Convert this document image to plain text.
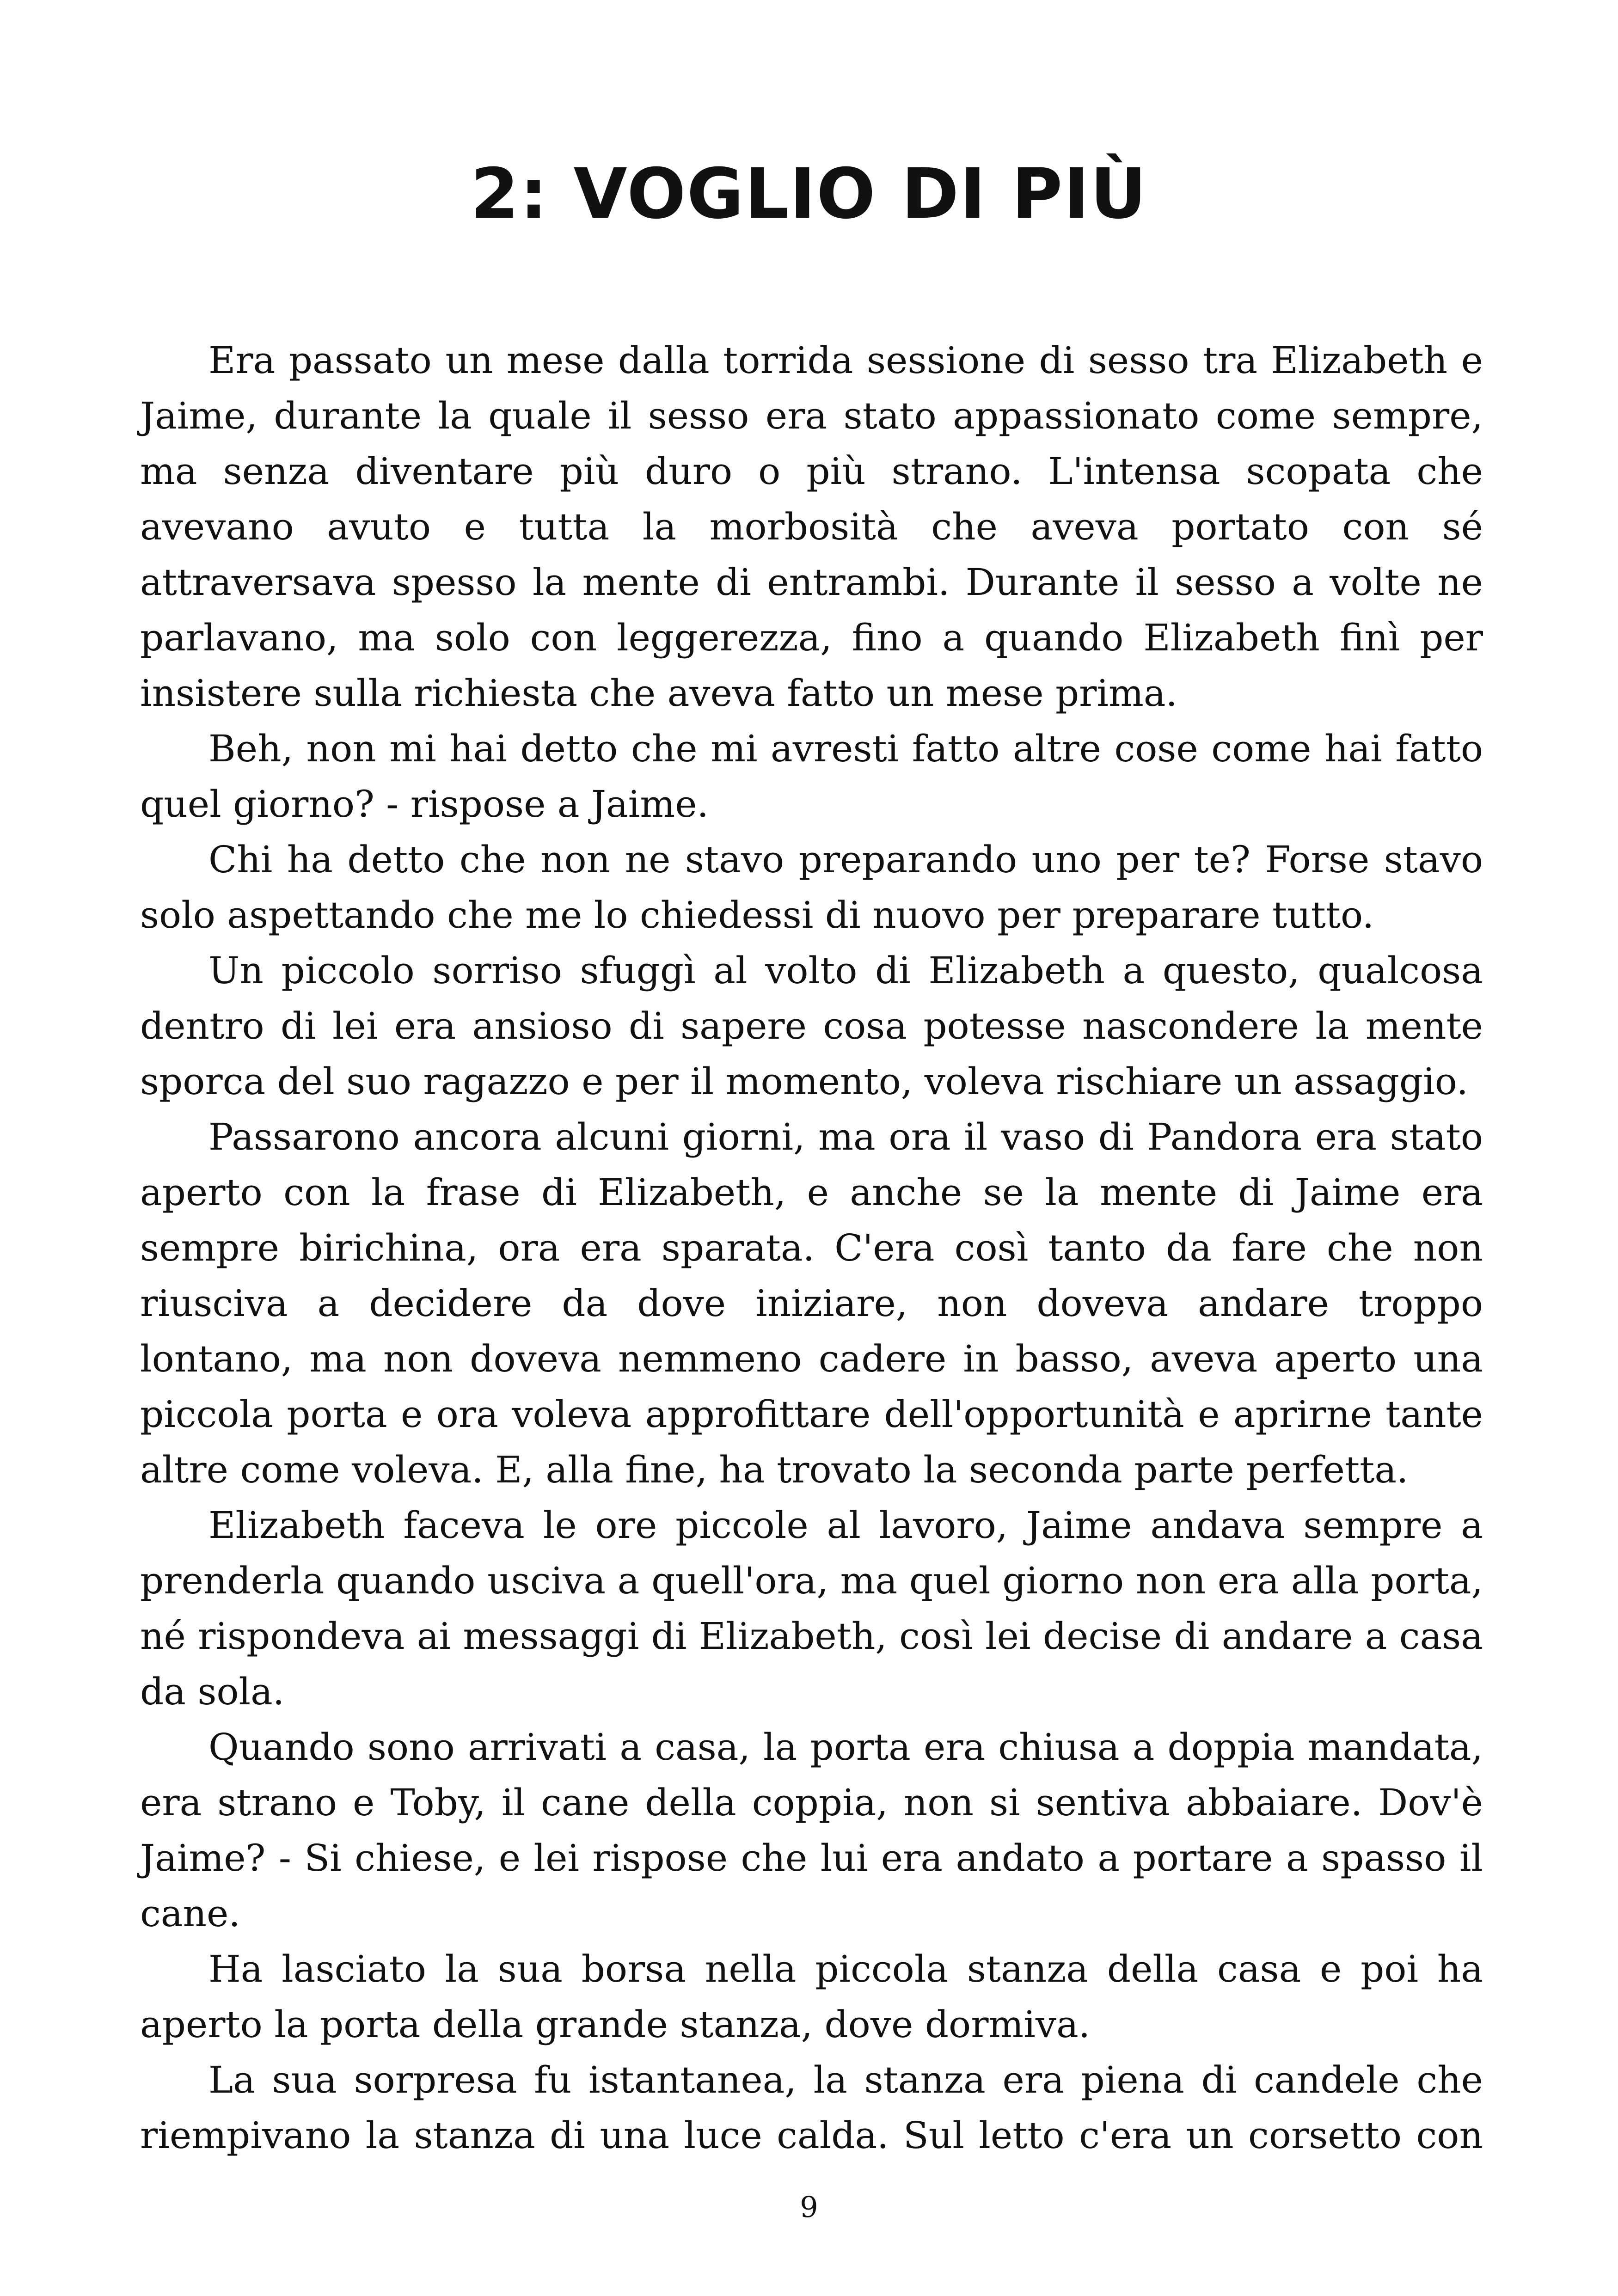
2: VOGLIO DI PIÙ

Era passato un mese dalla torrida sessione di sesso tra Elizabeth e Jaime, durante la quale il sesso era stato appassionato come sempre, ma senza diventare più duro o più strano. L'intensa scopata che avevano avuto e tutta la morbosità che aveva portato con sé attraversava spesso la mente di entrambi. Durante il sesso a volte ne parlavano, ma solo con leggerezza, fino a quando Elizabeth finì per insistere sulla richiesta che aveva fatto un mese prima.

Beh, non mi hai detto che mi avresti fatto altre cose come hai fatto quel giorno? - rispose a Jaime.

Chi ha detto che non ne stavo preparando uno per te? Forse stavo solo aspettando che me lo chiedessi di nuovo per preparare tutto.

Un piccolo sorriso sfuggì al volto di Elizabeth a questo, qualcosa dentro di lei era ansioso di sapere cosa potesse nascondere la mente sporca del suo ragazzo e per il momento, voleva rischiare un assaggio.

Passarono ancora alcuni giorni, ma ora il vaso di Pandora era stato aperto con la frase di Elizabeth, e anche se la mente di Jaime era sempre birichina, ora era sparata. C'era così tanto da fare che non riusciva a decidere da dove iniziare, non doveva andare troppo lontano, ma non doveva nemmeno cadere in basso, aveva aperto una piccola porta e ora voleva approfittare dell'opportunità e aprirne tante altre come voleva. E, alla fine, ha trovato la seconda parte perfetta.

Elizabeth faceva le ore piccole al lavoro, Jaime andava sempre a prenderla quando usciva a quell'ora, ma quel giorno non era alla porta, né rispondeva ai messaggi di Elizabeth, così lei decise di andare a casa da sola.

Quando sono arrivati a casa, la porta era chiusa a doppia mandata, era strano e Toby, il cane della coppia, non si sentiva abbaiare. Dov'è Jaime? - Si chiese, e lei rispose che lui era andato a portare a spasso il cane.

Ha lasciato la sua borsa nella piccola stanza della casa e poi ha aperto la porta della grande stanza, dove dormiva.

La sua sorpresa fu istantanea, la stanza era piena di candele che riempivano la stanza di una luce calda. Sul letto c'era un corsetto con

9
